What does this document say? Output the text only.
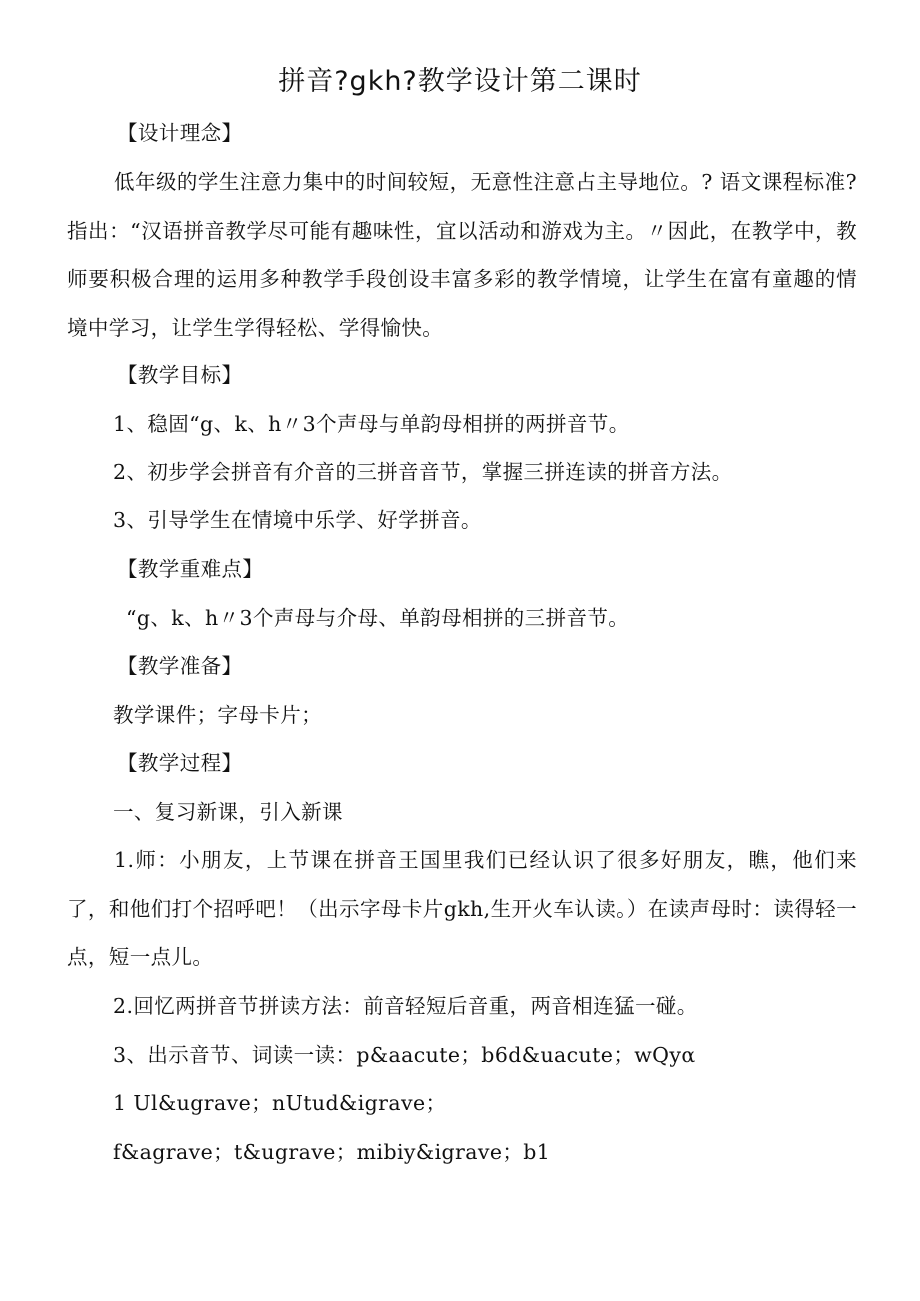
拼音?gkh?教学设计第二课时
【设计理念】
低年级的学生注意力集中的时间较短，无意性注意占主导地位。? 语文课程标准?指出：“汉语拼音教学尽可能有趣味性，宜以活动和游戏为主。〃因此，在教学中，教师要积极合理的运用多种教学手段创设丰富多彩的教学情境，让学生在富有童趣的情境中学习，让学生学得轻松、学得愉快。
【教学目标】
1、稳固“g、k、h〃3个声母与单韵母相拼的两拼音节。
2、初步学会拼音有介音的三拼音音节，掌握三拼连读的拼音方法。
3、引导学生在情境中乐学、好学拼音。
【教学重难点】
“g、k、h〃3个声母与介母、单韵母相拼的三拼音节。
【教学准备】
教学课件；字母卡片；
【教学过程】
一、复习新课，引入新课
1.师：小朋友，上节课在拼音王国里我们已经认识了很多好朋友，瞧，他们来了，和他们打个招呼吧！（出示字母卡片gkh,生开火车认读。）在读声母时：读得轻一点，短一点儿。
2.回忆两拼音节拼读方法：前音轻短后音重，两音相连猛一碰。
3、出示音节、词读一读：p&aacute；b6d&uacute；wQyα
1 Ul&ugrave；nUtud&igrave；
f&agrave；t&ugrave；mibiy&igrave；b1
